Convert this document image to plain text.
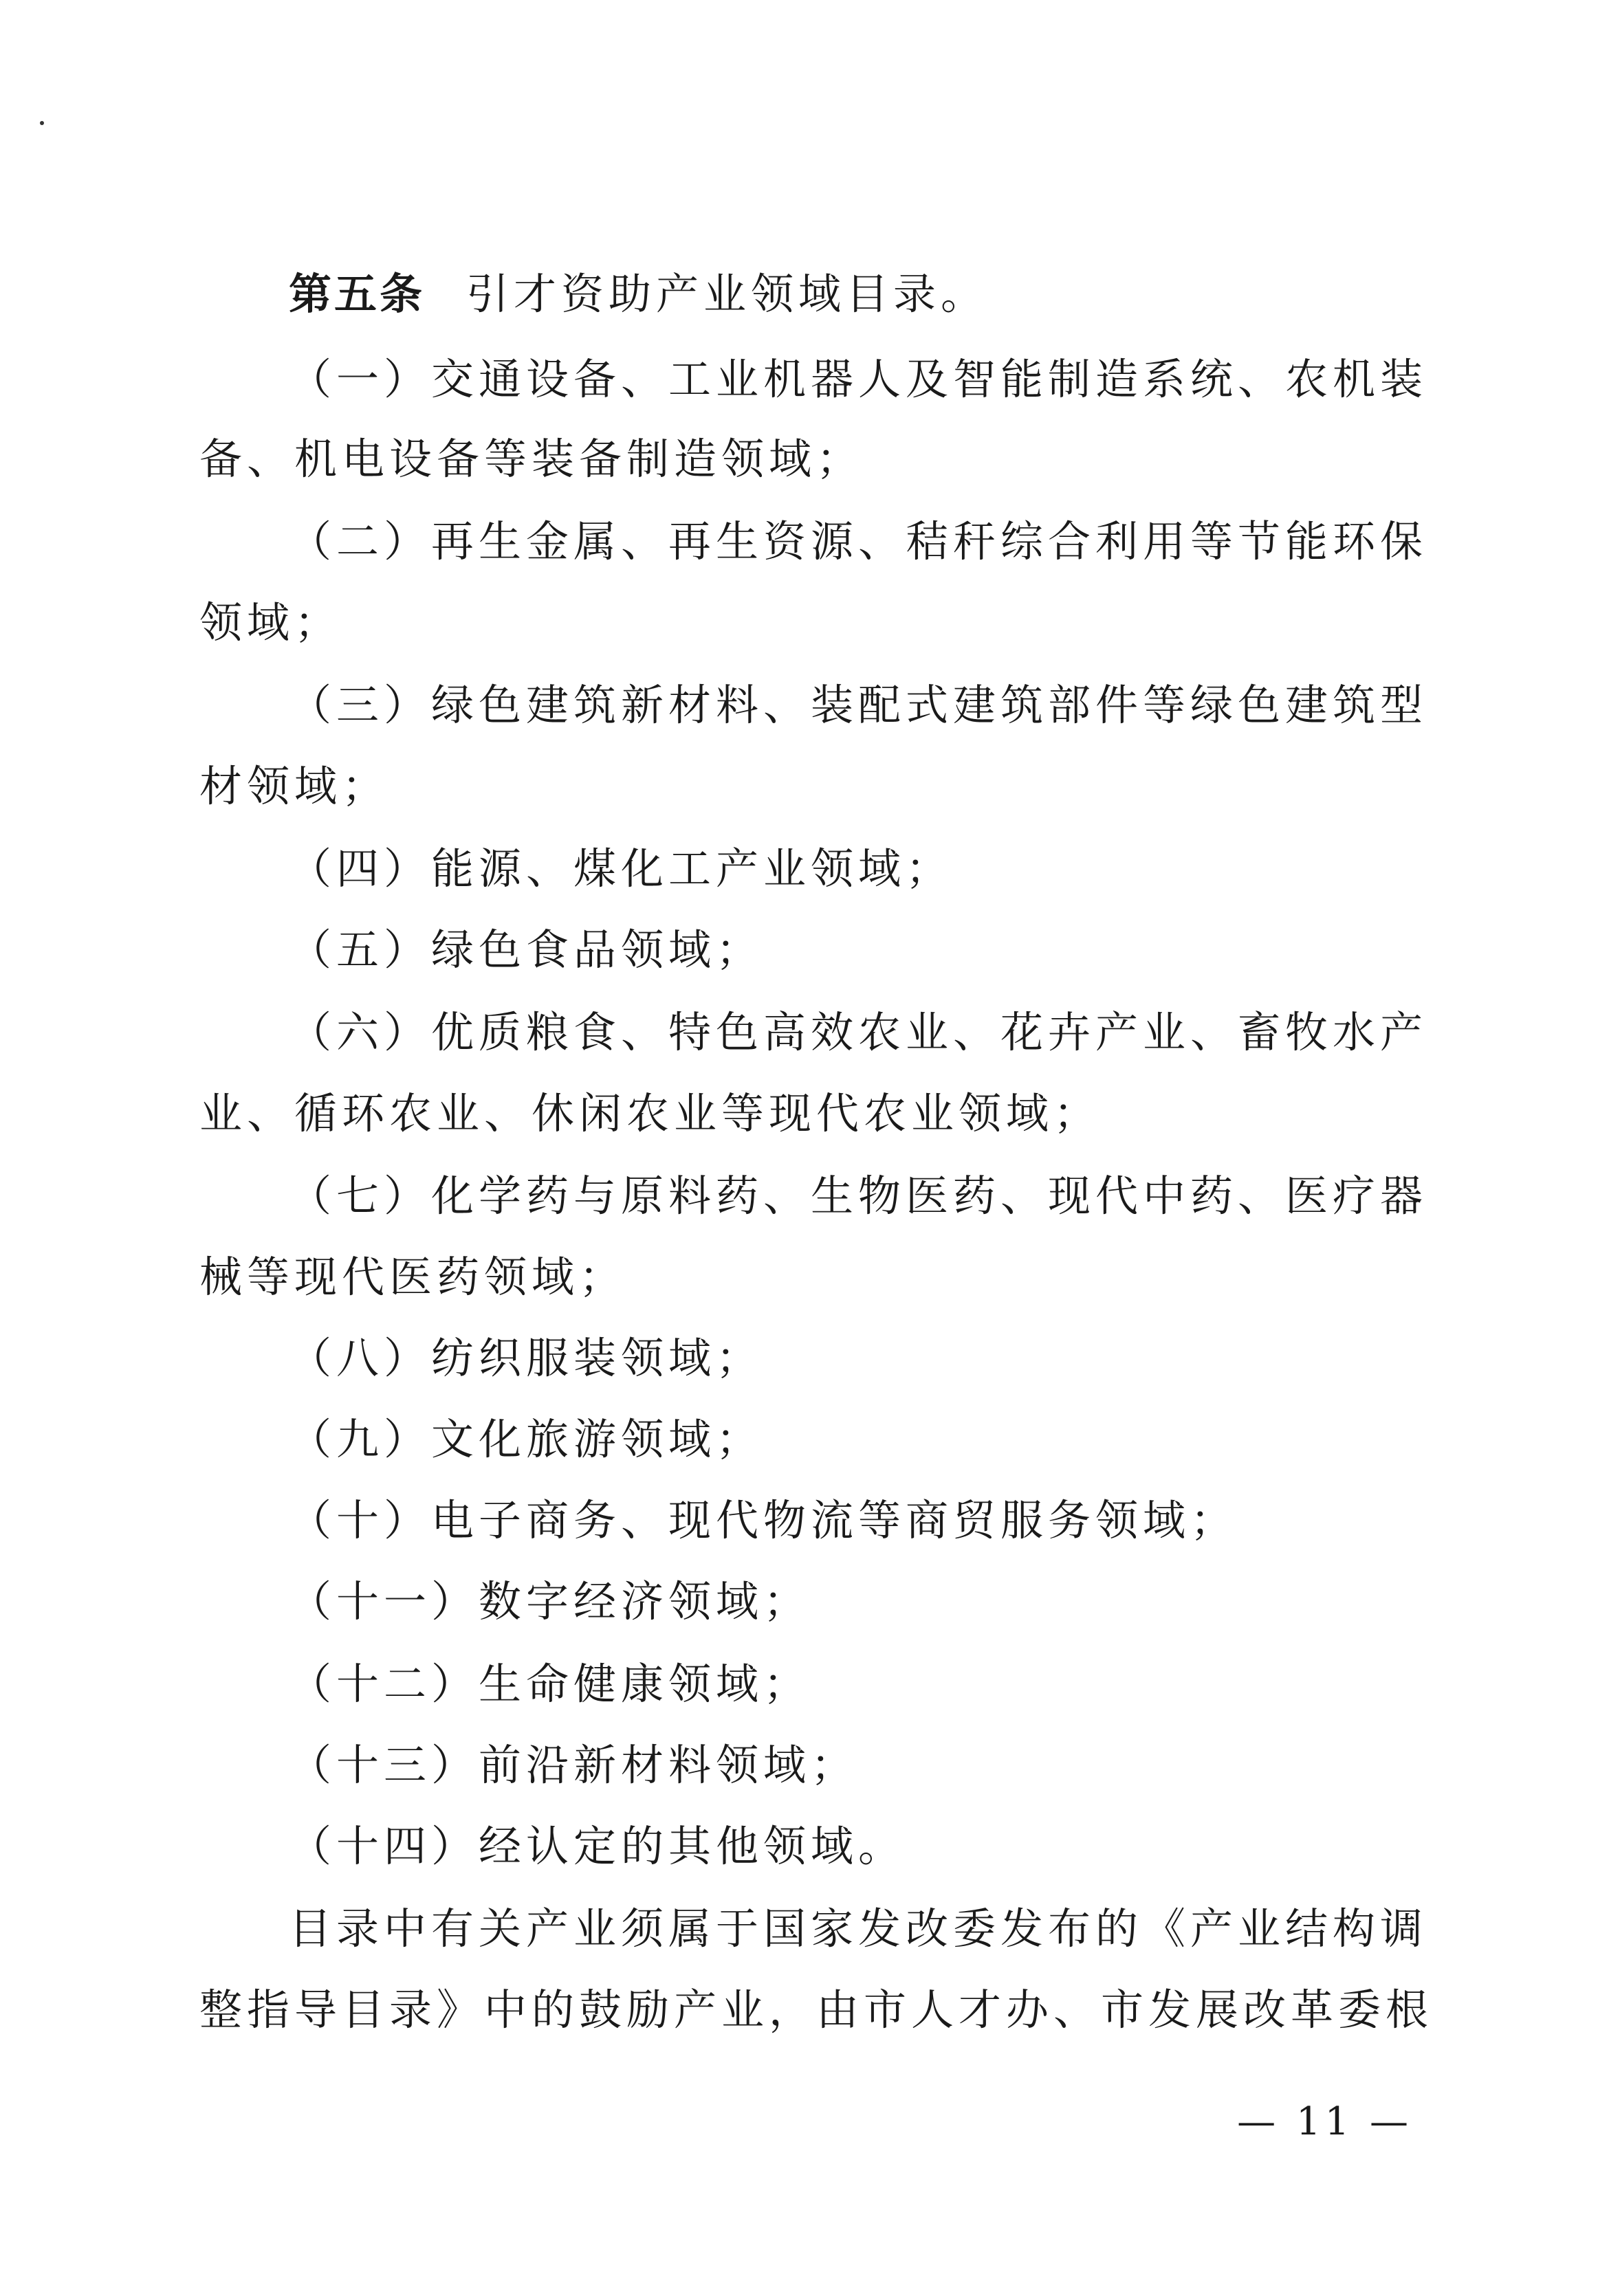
第五条 引才资助产业领域目录。
（一）交通设备、工业机器人及智能制造系统、农机装
备、机电设备等装备制造领域；
（二）再生金属、再生资源、秸秆综合利用等节能环保
领域；
（三）绿色建筑新材料、装配式建筑部件等绿色建筑型
材领域；
（四）能源、煤化工产业领域；
（五）绿色食品领域；
（六）优质粮食、特色高效农业、花卉产业、畜牧水产
业、循环农业、休闲农业等现代农业领域；
（七）化学药与原料药、生物医药、现代中药、医疗器
械等现代医药领域；
（八）纺织服装领域；
（九）文化旅游领域；
（十）电子商务、现代物流等商贸服务领域；
（十一）数字经济领域；
（十二）生命健康领域；
（十三）前沿新材料领域；
（十四）经认定的其他领域。
目录中有关产业须属于国家发改委发布的《产业结构调
整指导目录》中的鼓励产业，由市人才办、市发展改革委根
— 11 —
